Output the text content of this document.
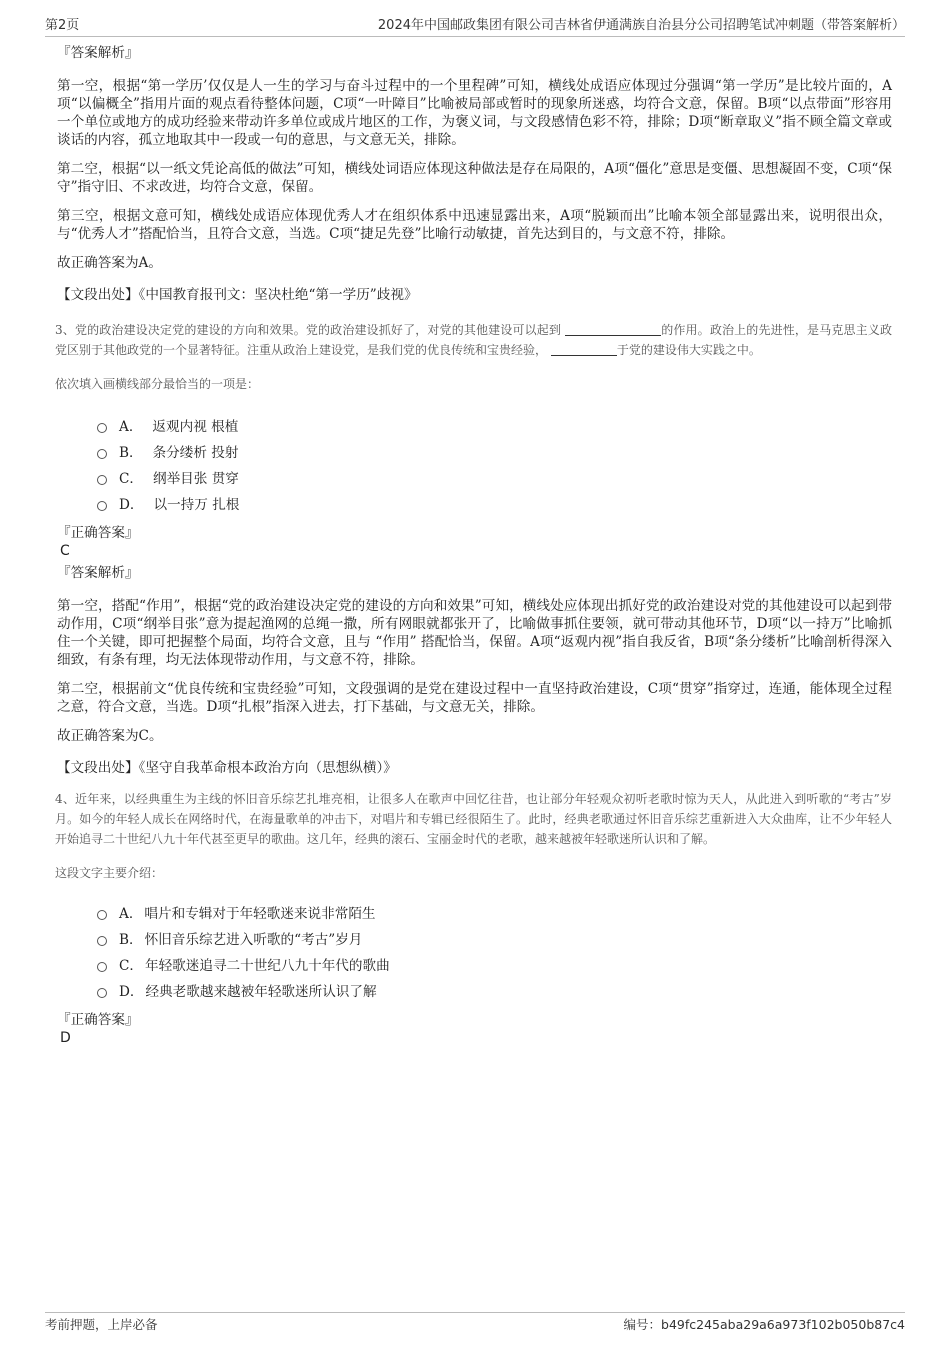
第2页	2024年中国邮政集团有限公司吉林省伊通满族自治县分公司招聘笔试冲刺题（带答案解析）

『答案解析』

第一空，根据“第一学历’仅仅是人一生的学习与奋斗过程中的一个里程碑”可知，横线处成语应体现过分强调“第一学历”是比较片面的，A项“以偏概全”指用片面的观点看待整体问题，C项“一叶障目”比喻被局部或暂时的现象所迷惑，均符合文意，保留。B项“以点带面”形容用一个单位或地方的成功经验来带动许多单位或成片地区的工作，为褒义词，与文段感情色彩不符，排除；D项“断章取义”指不顾全篇文章或谈话的内容，孤立地取其中一段或一句的意思，与文意无关，排除。

第二空，根据“以一纸文凭论高低的做法”可知，横线处词语应体现这种做法是存在局限的，A项“僵化”意思是变僵、思想凝固不变，C项“保守”指守旧、不求改进，均符合文意，保留。

第三空，根据文意可知，横线处成语应体现优秀人才在组织体系中迅速显露出来，A项“脱颖而出”比喻本领全部显露出来，说明很出众，与“优秀人才”搭配恰当，且符合文意，当选。C项“捷足先登”比喻行动敏捷，首先达到目的，与文意不符，排除。

故正确答案为A。

【文段出处】《中国教育报刊文：坚决杜绝“第一学历”歧视》

3、党的政治建设决定党的建设的方向和效果。党的政治建设抓好了，对党的其他建设可以起到	的作用。政治上的先进性，是马克思主义政党区别于其他政党的一个显著特征。注重从政治上建设党，是我们党的优良传统和宝贵经验，	于党的建设伟大实践之中。

依次填入画横线部分最恰当的一项是：

A． 返观内视 根植
B． 条分缕析 投射
C． 纲举目张 贯穿
D． 以一持万 扎根

『正确答案』

C

『答案解析』

第一空，搭配“作用”，根据“党的政治建设决定党的建设的方向和效果”可知，横线处应体现出抓好党的政治建设对党的其他建设可以起到带动作用，C项“纲举目张”意为提起渔网的总绳一撒，所有网眼就都张开了，比喻做事抓住要领，就可带动其他环节，D项“以一持万”比喻抓住一个关键，即可把握整个局面，均符合文意，且与 “作用” 搭配恰当，保留。A项“返观内视”指自我反省，B项“条分缕析”比喻剖析得深入细致，有条有理，均无法体现带动作用，与文意不符，排除。

第二空，根据前文“优良传统和宝贵经验”可知，文段强调的是党在建设过程中一直坚持政治建设，C项“贯穿”指穿过，连通，能体现全过程之意，符合文意，当选。D项“扎根”指深入进去，打下基础，与文意无关，排除。

故正确答案为C。

【文段出处】《坚守自我革命根本政治方向（思想纵横）》

4、近年来，以经典重生为主线的怀旧音乐综艺扎堆亮相，让很多人在歌声中回忆往昔，也让部分年轻观众初听老歌时惊为天人，从此进入到听歌的“考古”岁月。如今的年轻人成长在网络时代，在海量歌单的冲击下，对唱片和专辑已经很陌生了。此时，经典老歌通过怀旧音乐综艺重新进入大众曲库，让不少年轻人开始追寻二十世纪八九十年代甚至更早的歌曲。这几年，经典的滚石、宝丽金时代的老歌，越来越被年轻歌迷所认识和了解。

这段文字主要介绍：

A． 唱片和专辑对于年轻歌迷来说非常陌生
B． 怀旧音乐综艺进入听歌的“考古”岁月
C． 年轻歌迷追寻二十世纪八九十年代的歌曲
D． 经典老歌越来越被年轻歌迷所认识了解

『正确答案』

D

考前押题，上岸必备	编号：b49fc245aba29a6a973f102b050b87c4
